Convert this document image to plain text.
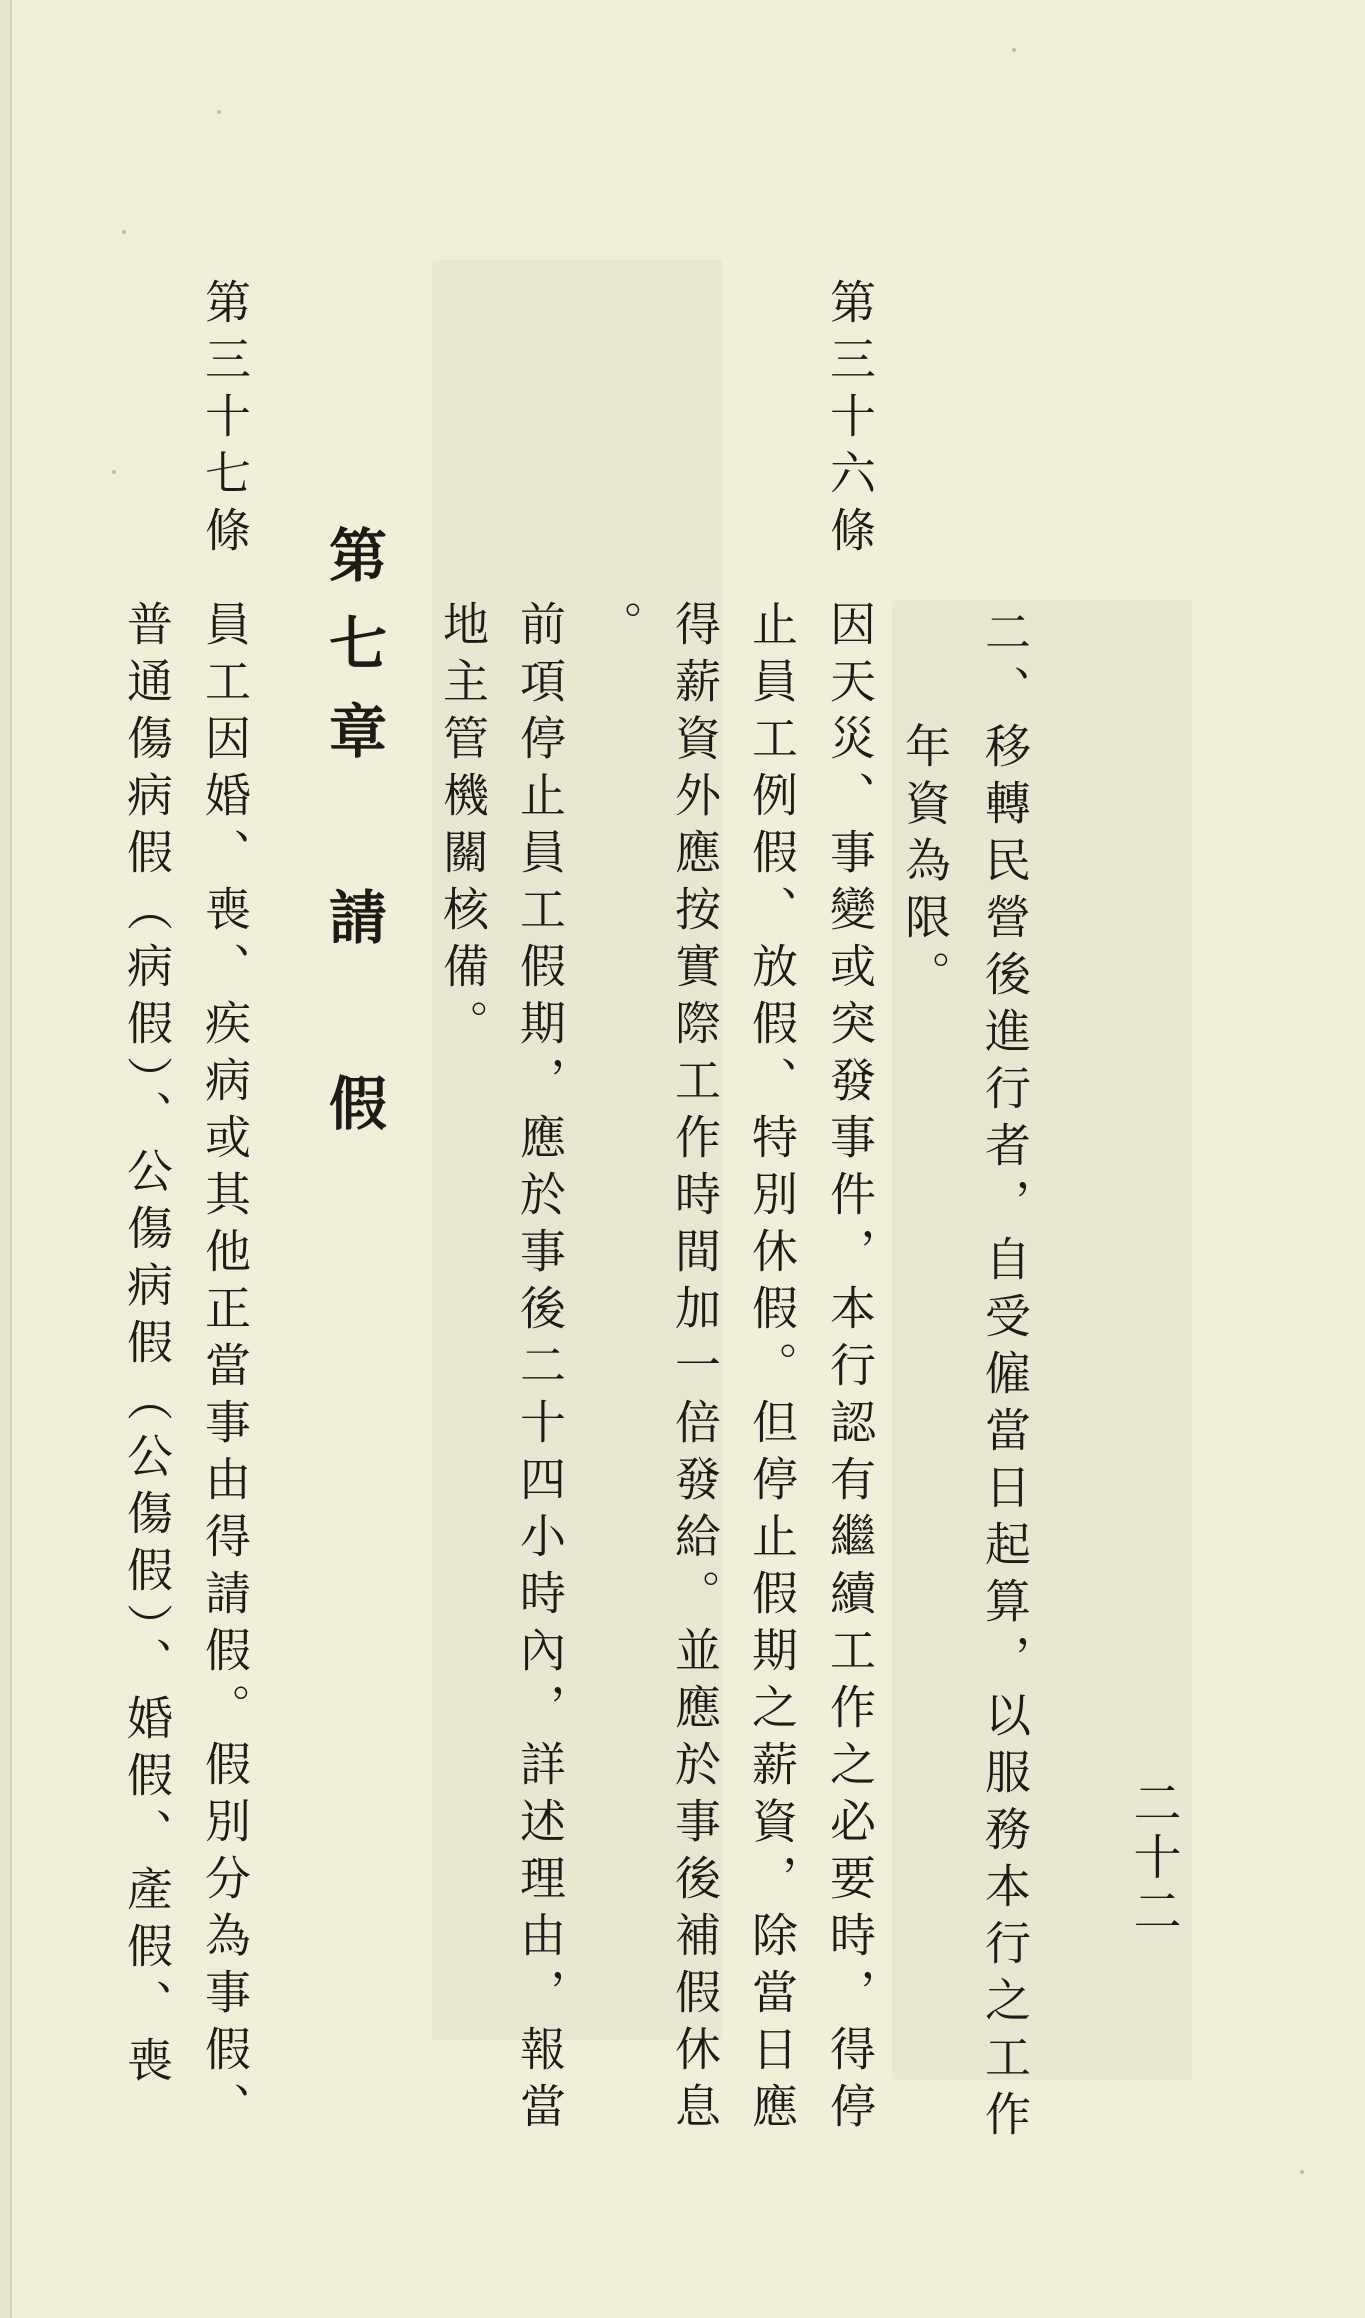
二十二
二、移轉民營後進行者，自受僱當日起算，以服務本行之工作
年資為限。
第三十六條
因天災、事變或突發事件，本行認有繼續工作之必要時，得停
止員工例假、放假、特別休假。但停止假期之薪資，除當日應
得薪資外應按實際工作時間加一倍發給。並應於事後補假休息
。
前項停止員工假期，應於事後二十四小時內，詳述理由，報當
地主管機關核備。
第七章 請 假
第三十七條
員工因婚、喪、疾病或其他正當事由得請假。假別分為事假、
普通傷病假（病假）、公傷病假（公傷假）、婚假、產假、喪
